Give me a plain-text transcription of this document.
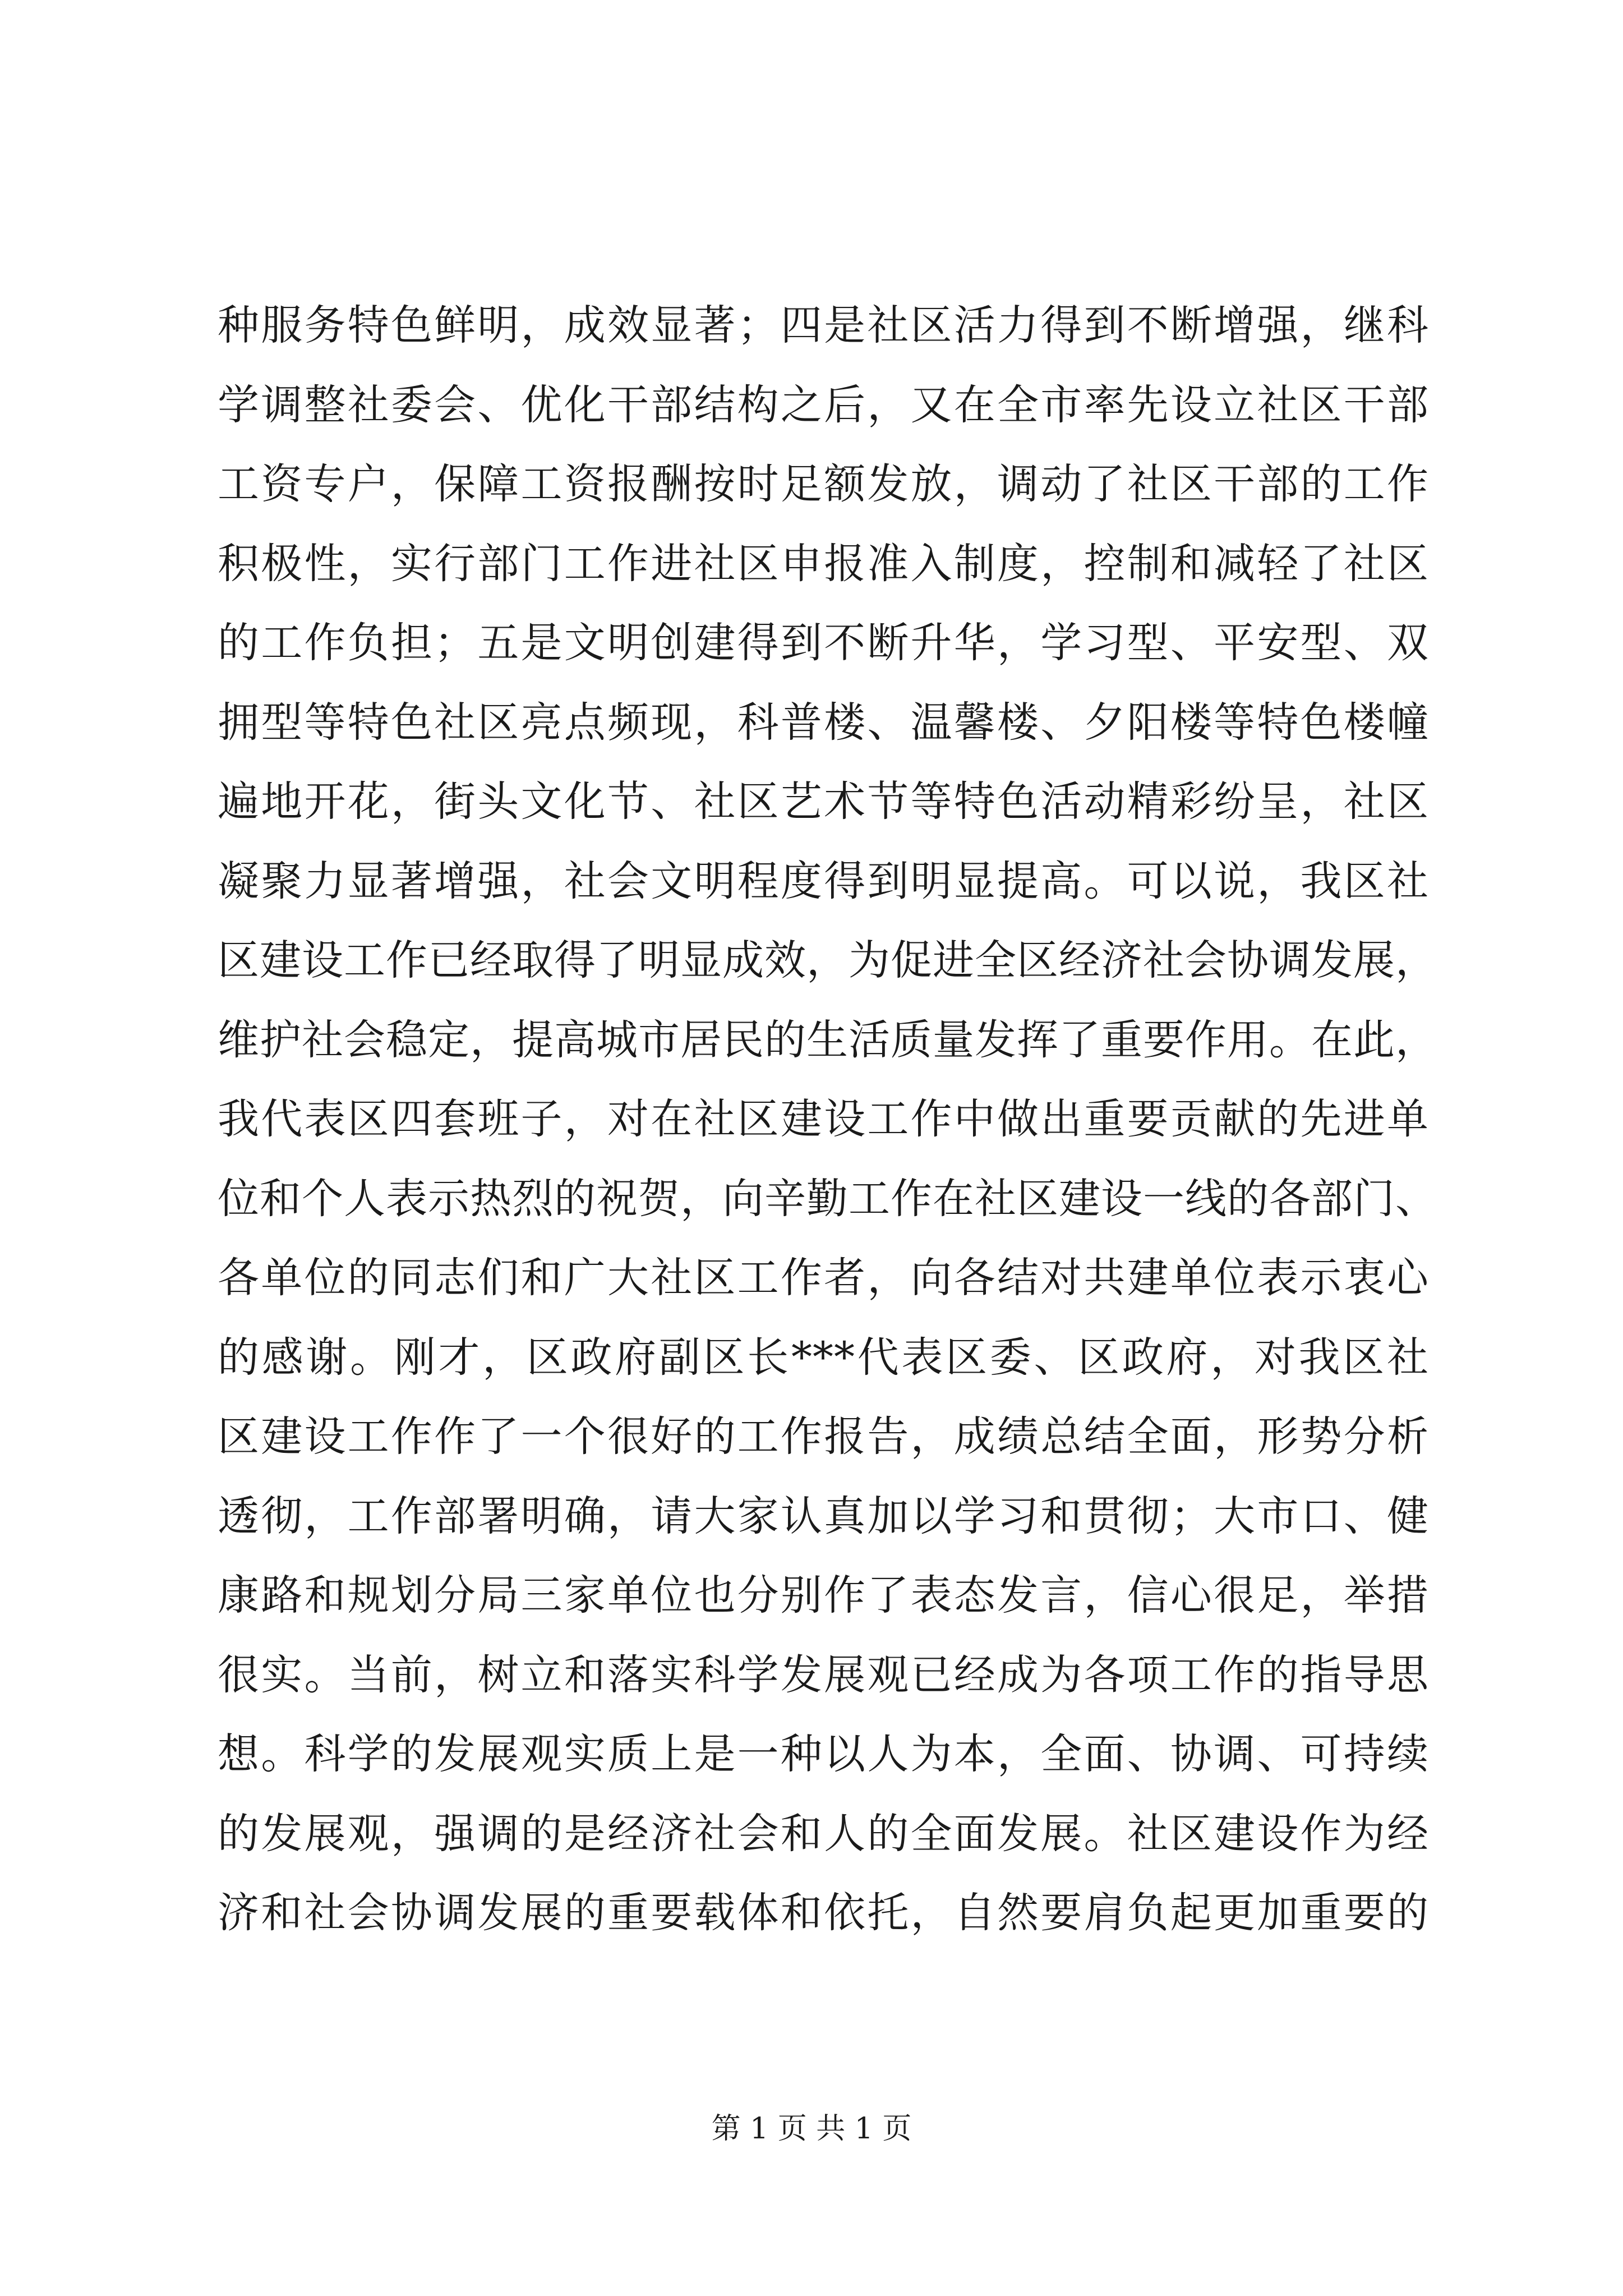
种服务特色鲜明，成效显著；四是社区活力得到不断增强，继科
学调整社委会、优化干部结构之后，又在全市率先设立社区干部
工资专户，保障工资报酬按时足额发放，调动了社区干部的工作
积极性，实行部门工作进社区申报准入制度，控制和减轻了社区
的工作负担；五是文明创建得到不断升华，学习型、平安型、双
拥型等特色社区亮点频现，科普楼、温馨楼、夕阳楼等特色楼幢
遍地开花，街头文化节、社区艺术节等特色活动精彩纷呈，社区
凝聚力显著增强，社会文明程度得到明显提高。可以说，我区社
区建设工作已经取得了明显成效，为促进全区经济社会协调发展，
维护社会稳定，提高城市居民的生活质量发挥了重要作用。在此，
我代表区四套班子，对在社区建设工作中做出重要贡献的先进单
位和个人表示热烈的祝贺，向辛勤工作在社区建设一线的各部门、
各单位的同志们和广大社区工作者，向各结对共建单位表示衷心
的感谢。刚才，区政府副区长***代表区委、区政府，对我区社
区建设工作作了一个很好的工作报告，成绩总结全面，形势分析
透彻，工作部署明确，请大家认真加以学习和贯彻；大市口、健
康路和规划分局三家单位也分别作了表态发言，信心很足，举措
很实。当前，树立和落实科学发展观已经成为各项工作的指导思
想。科学的发展观实质上是一种以人为本，全面、协调、可持续
的发展观，强调的是经济社会和人的全面发展。社区建设作为经
济和社会协调发展的重要载体和依托，自然要肩负起更加重要的
第 1 页 共 1 页
